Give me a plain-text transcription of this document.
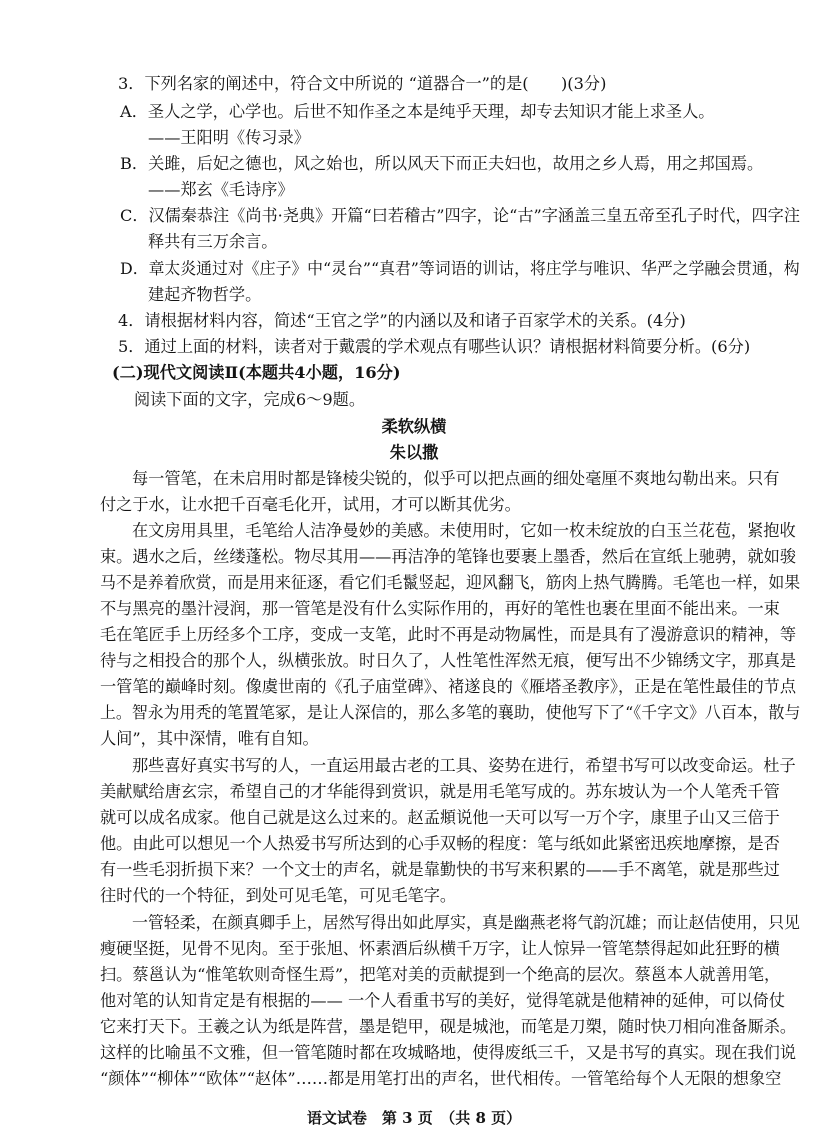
3．下列名家的阐述中，符合文中所说的 “道器合一”的是(　　)(3分)
A．圣人之学，心学也。后世不知作圣之本是纯乎天理，却专去知识才能上求圣人。
——王阳明《传习录》
B．关雎，后妃之德也，风之始也，所以风天下而正夫妇也，故用之乡人焉，用之邦国焉。
——郑玄《毛诗序》
C．汉儒秦恭注《尚书·尧典》开篇“曰若稽古”四字，论“古”字涵盖三皇五帝至孔子时代，四字注
释共有三万余言。
D．章太炎通过对《庄子》中“灵台”“真君”等词语的训诂，将庄学与唯识、华严之学融会贯通，构
建起齐物哲学。
4．请根据材料内容，简述“王官之学”的内涵以及和诸子百家学术的关系。(4分)
5．通过上面的材料，读者对于戴震的学术观点有哪些认识？请根据材料简要分析。(6分)
(二)现代文阅读Ⅱ(本题共4小题，16分)
阅读下面的文字，完成6～9题。
柔软纵横
朱以撒
每一管笔，在未启用时都是锋棱尖锐的，似乎可以把点画的细处毫厘不爽地勾勒出来。只有
付之于水，让水把千百毫毛化开，试用，才可以断其优劣。
在文房用具里，毛笔给人洁净曼妙的美感。未使用时，它如一枚未绽放的白玉兰花苞，紧抱收
束。遇水之后，丝缕蓬松。物尽其用——再洁净的笔锋也要裹上墨香，然后在宣纸上驰骋，就如骏
马不是养着欣赏，而是用来征逐，看它们毛鬣竖起，迎风翻飞，筋肉上热气腾腾。毛笔也一样，如果
不与黑亮的墨汁浸润，那一管笔是没有什么实际作用的，再好的笔性也裹在里面不能出来。一束
毛在笔匠手上历经多个工序，变成一支笔，此时不再是动物属性，而是具有了漫游意识的精神，等
待与之相投合的那个人，纵横张放。时日久了，人性笔性浑然无痕，便写出不少锦绣文字，那真是
一管笔的巅峰时刻。像虞世南的《孔子庙堂碑》、褚遂良的《雁塔圣教序》，正是在笔性最佳的节点
上。智永为用秃的笔置笔冢，是让人深信的，那么多笔的襄助，使他写下了“《千字文》八百本，散与
人间”，其中深情，唯有自知。
那些喜好真实书写的人，一直运用最古老的工具、姿势在进行，希望书写可以改变命运。杜子
美献赋给唐玄宗，希望自己的才华能得到赏识，就是用毛笔写成的。苏东坡认为一个人笔秃千管
就可以成名成家。他自己就是这么过来的。赵孟頫说他一天可以写一万个字，康里子山又三倍于
他。由此可以想见一个人热爱书写所达到的心手双畅的程度：笔与纸如此紧密迅疾地摩擦，是否
有一些毛羽折损下来？一个文士的声名，就是靠勤快的书写来积累的——手不离笔，就是那些过
往时代的一个特征，到处可见毛笔，可见毛笔字。
一管轻柔，在颜真卿手上，居然写得出如此厚实，真是幽燕老将气韵沉雄；而让赵佶使用，只见
瘦硬坚挺，见骨不见肉。至于张旭、怀素酒后纵横千万字，让人惊异一管笔禁得起如此狂野的横
扫。蔡邕认为“惟笔软则奇怪生焉”，把笔对美的贡献提到一个绝高的层次。蔡邕本人就善用笔，
他对笔的认知肯定是有根据的—— 一个人看重书写的美好，觉得笔就是他精神的延伸，可以倚仗
它来打天下。王羲之认为纸是阵营，墨是铠甲，砚是城池，而笔是刀槊，随时快刀相向准备厮杀。
这样的比喻虽不文雅，但一管笔随时都在攻城略地，使得废纸三千，又是书写的真实。现在我们说
“颜体”“柳体”“欧体”“赵体”……都是用笔打出的声名，世代相传。一管笔给每个人无限的想象空
语文试卷　第 3 页　（共 8 页）
